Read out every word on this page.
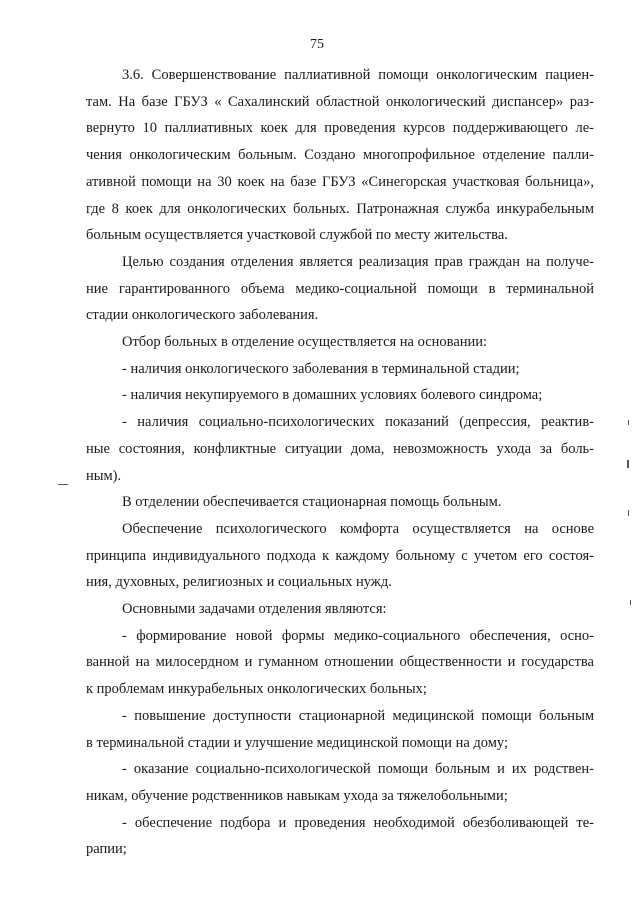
75

3.6. Совершенствование паллиативной помощи онкологическим пациен-
там. На базе ГБУЗ « Сахалинский областной онкологический диспансер» раз-
вернуто 10 паллиативных коек для проведения курсов поддерживающего ле-
чения онкологическим больным. Создано многопрофильное отделение палли-
ативной помощи на 30 коек на базе ГБУЗ «Синегорская участковая больница»,
где 8 коек для онкологических больных. Патронажная служба инкурабельным
больным осуществляется участковой службой по месту жительства.

Целью создания отделения является реализация прав граждан на получе-
ние гарантированного объема медико-социальной помощи в терминальной
стадии онкологического заболевания.

Отбор больных в отделение осуществляется на основании:

- наличия онкологического заболевания в терминальной стадии;

- наличия некупируемого в домашних условиях болевого синдрома;

- наличия социально-психологических показаний (депрессия, реактив-
ные состояния, конфликтные ситуации дома, невозможность ухода за боль-
ным).

В отделении обеспечивается стационарная помощь больным.

Обеспечение психологического комфорта осуществляется на основе
принципа индивидуального подхода к каждому больному с учетом его состоя-
ния, духовных, религиозных и социальных нужд.

Основными задачами отделения являются:

- формирование новой формы медико-социального обеспечения, осно-
ванной на милосердном и гуманном отношении общественности и государства
к проблемам инкурабельных онкологических больных;

- повышение доступности стационарной медицинской помощи больным
в терминальной стадии и улучшение медицинской помощи на дому;

- оказание социально-психологической помощи больным и их родствен-
никам, обучение родственников навыкам ухода за тяжелобольными;

- обеспечение подбора и проведения необходимой обезболивающей те-
рапии;
